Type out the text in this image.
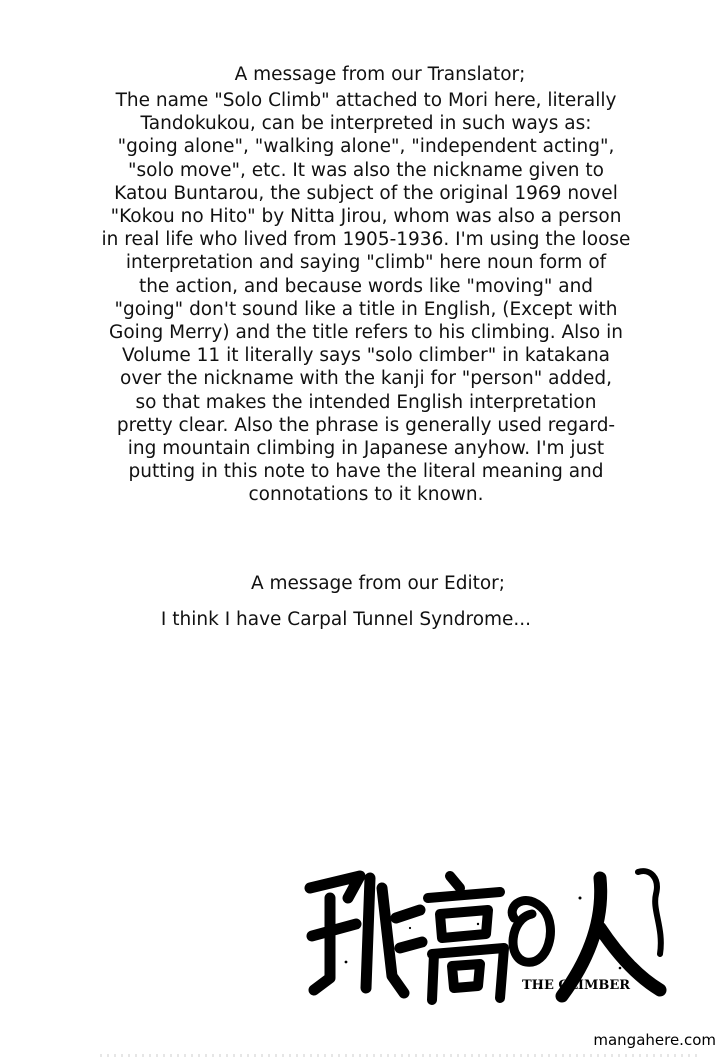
A message from our Translator;
The name "Solo Climb" attached to Mori here, literally
Tandokukou, can be interpreted in such ways as:
"going alone", "walking alone", "independent acting",
"solo move", etc. It was also the nickname given to
Katou Buntarou, the subject of the original 1969 novel
"Kokou no Hito" by Nitta Jirou, whom was also a person
in real life who lived from 1905-1936. I'm using the loose
interpretation and saying "climb" here noun form of
the action, and because words like "moving" and
"going" don't sound like a title in English, (Except with
Going Merry) and the title refers to his climbing. Also in
Volume 11 it literally says "solo climber" in katakana
over the nickname with the kanji for "person" added,
so that makes the intended English interpretation
pretty clear. Also the phrase is generally used regard-
ing mountain climbing in Japanese anyhow. I'm just
putting in this note to have the literal meaning and
connotations to it known.
A message from our Editor;
I think I have Carpal Tunnel Syndrome...
THE CLIMBER
mangahere.com
